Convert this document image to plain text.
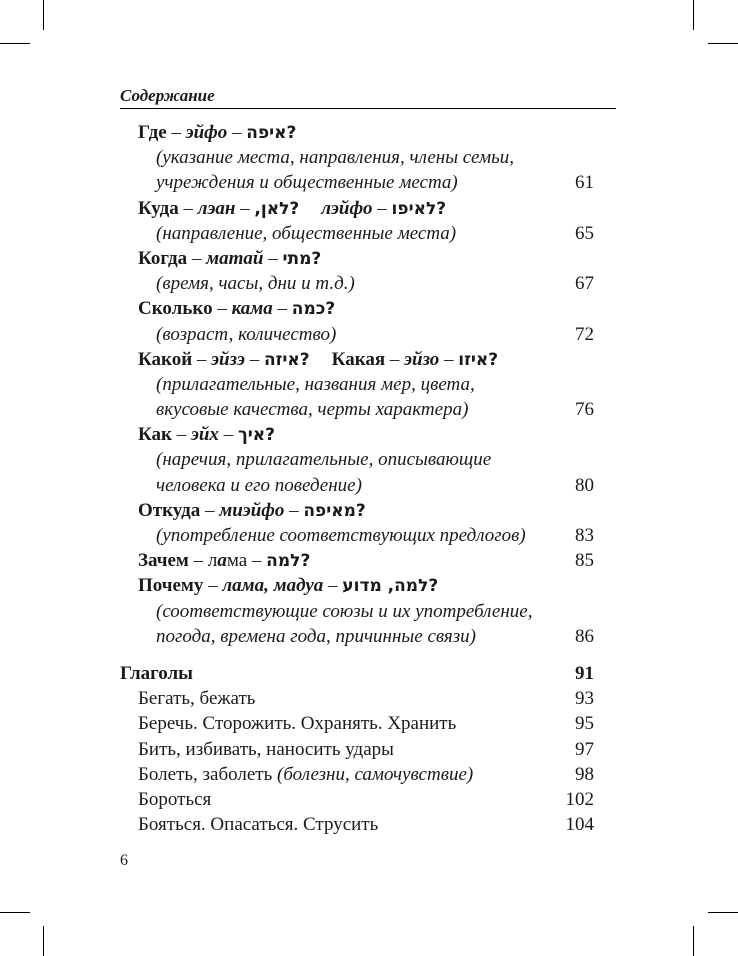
Содержание
Где – эйфо – ?איפה
(указание места, направления, члены семьи,
учреждения и общественные места)	61
Куда – лэан – ?לאן, лэйфо – ?לאיפו
(направление, общественные места)	65
Когда – матай – ?מתי
(время, часы, дни и т.д.)	67
Сколько – кама – ?כמה
(возраст, количество)	72
Какой – эйзэ – ?איזה Какая – эйзо – ?איזו
(прилагательные, названия мер, цвета,
вкусовые качества, черты характера)	76
Как – эйх – ?איך
(наречия, прилагательные, описывающие
человека и его поведение)	80
Откуда – миэйфо – ?מאיפה
(употребление соответствующих предлогов)	83
Зачем – лама – ?למה	85
Почему – лама, мадуа – ?למה, מדוע
(соответствующие союзы и их употребление,
погода, времена года, причинные связи)	86
Глаголы	91
Бегать, бежать	93
Беречь. Сторожить. Охранять. Хранить	95
Бить, избивать, наносить удары	97
Болеть, заболеть (болезни, самочувствие)	98
Бороться	102
Бояться. Опасаться. Струсить	104
6
